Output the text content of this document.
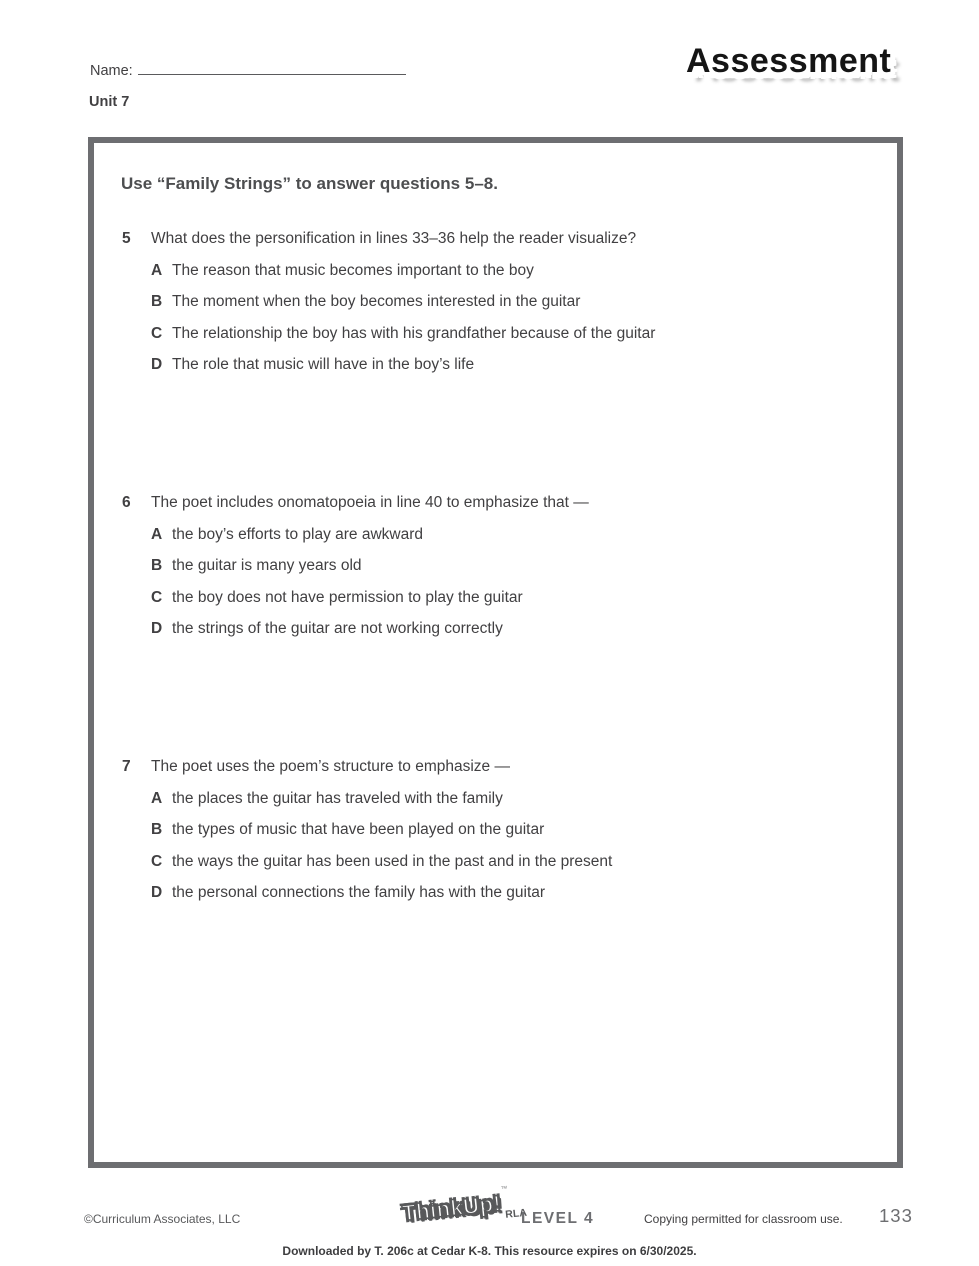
Name:	Assessment
Unit 7
Use “Family Strings” to answer questions 5–8.
5	What does the personification in lines 33–36 help the reader visualize?
A The reason that music becomes important to the boy
B The moment when the boy becomes interested in the guitar
C The relationship the boy has with his grandfather because of the guitar
D The role that music will have in the boy’s life
6	The poet includes onomatopoeia in line 40 to emphasize that —
A the boy’s efforts to play are awkward
B the guitar is many years old
C the boy does not have permission to play the guitar
D the strings of the guitar are not working correctly
7	The poet uses the poem’s structure to emphasize —
A the places the guitar has traveled with the family
B the types of music that have been played on the guitar
C the ways the guitar has been used in the past and in the present
D the personal connections the family has with the guitar
©Curriculum Associates, LLC	$ThinkUp!™_{RLA}$
LEVEL 4	Copying permitted for classroom use. 133
Downloaded by T. 206c at Cedar K-8. This resource expires on 6/30/2025.
